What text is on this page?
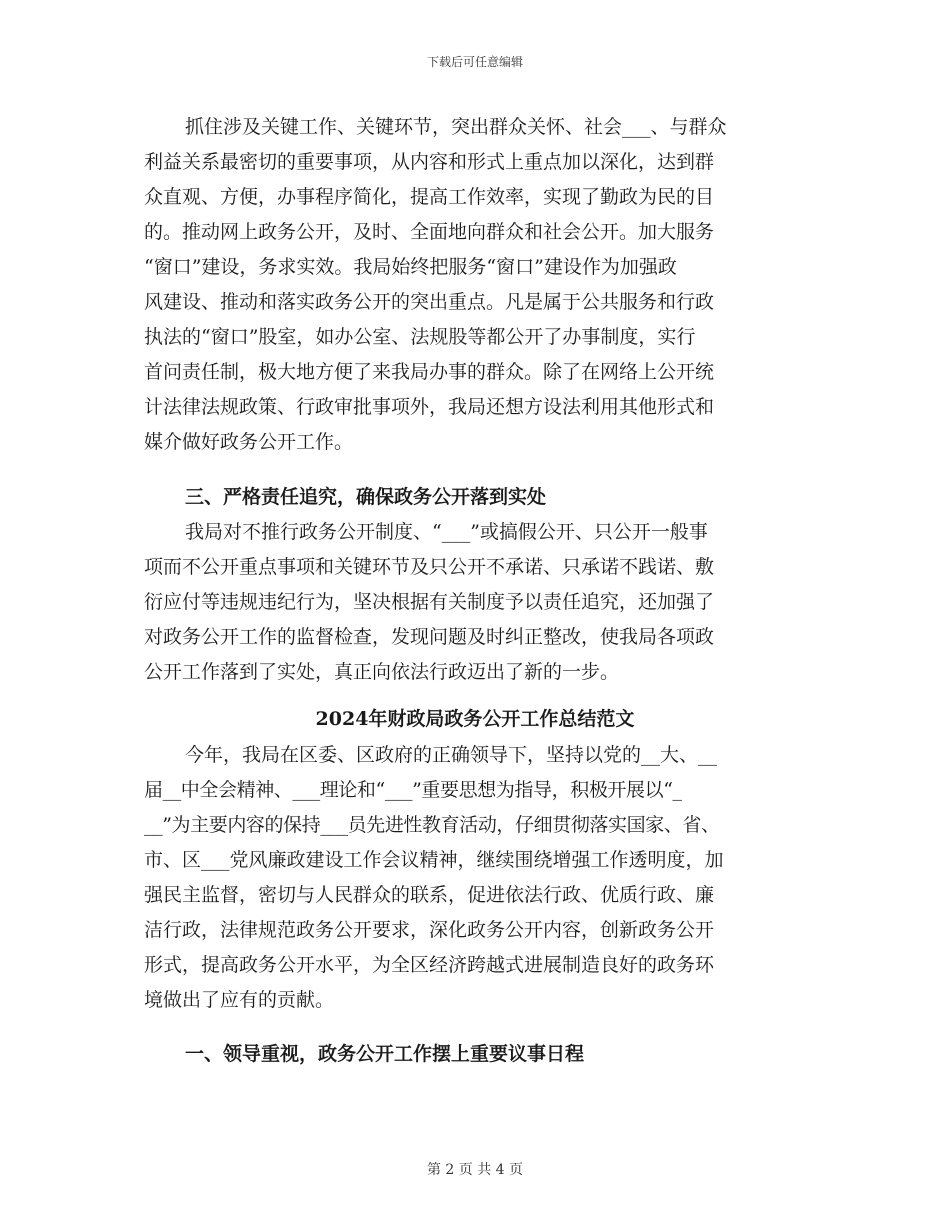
下载后可任意编辑
抓住涉及关键工作、关键环节，突出群众关怀、社会___、与群众
利益关系最密切的重要事项，从内容和形式上重点加以深化，达到群
众直观、方便，办事程序简化，提高工作效率，实现了勤政为民的目
的。推动网上政务公开，及时、全面地向群众和社会公开。加大服务
“窗口”建设，务求实效。我局始终把服务“窗口”建设作为加强政
风建设、推动和落实政务公开的突出重点。凡是属于公共服务和行政
执法的“窗口”股室，如办公室、法规股等都公开了办事制度，实行
首问责任制，极大地方便了来我局办事的群众。除了在网络上公开统
计法律法规政策、行政审批事项外，我局还想方设法利用其他形式和
媒介做好政务公开工作。
三、严格责任追究，确保政务公开落到实处
我局对不推行政务公开制度、“___”或搞假公开、只公开一般事
项而不公开重点事项和关键环节及只公开不承诺、只承诺不践诺、敷
衍应付等违规违纪行为，坚决根据有关制度予以责任追究，还加强了
对政务公开工作的监督检查，发现问题及时纠正整改，使我局各项政
公开工作落到了实处，真正向依法行政迈出了新的一步。
2024年财政局政务公开工作总结范文
今年，我局在区委、区政府的正确领导下，坚持以党的__大、__
届__中全会精神、___理论和“___”重要思想为指导，积极开展以“_
__”为主要内容的保持___员先进性教育活动，仔细贯彻落实国家、省、
市、区___党风廉政建设工作会议精神，继续围绕增强工作透明度，加
强民主监督，密切与人民群众的联系，促进依法行政、优质行政、廉
洁行政，法律规范政务公开要求，深化政务公开内容，创新政务公开
形式，提高政务公开水平，为全区经济跨越式进展制造良好的政务环
境做出了应有的贡献。
一、领导重视，政务公开工作摆上重要议事日程
第 2 页 共 4 页
